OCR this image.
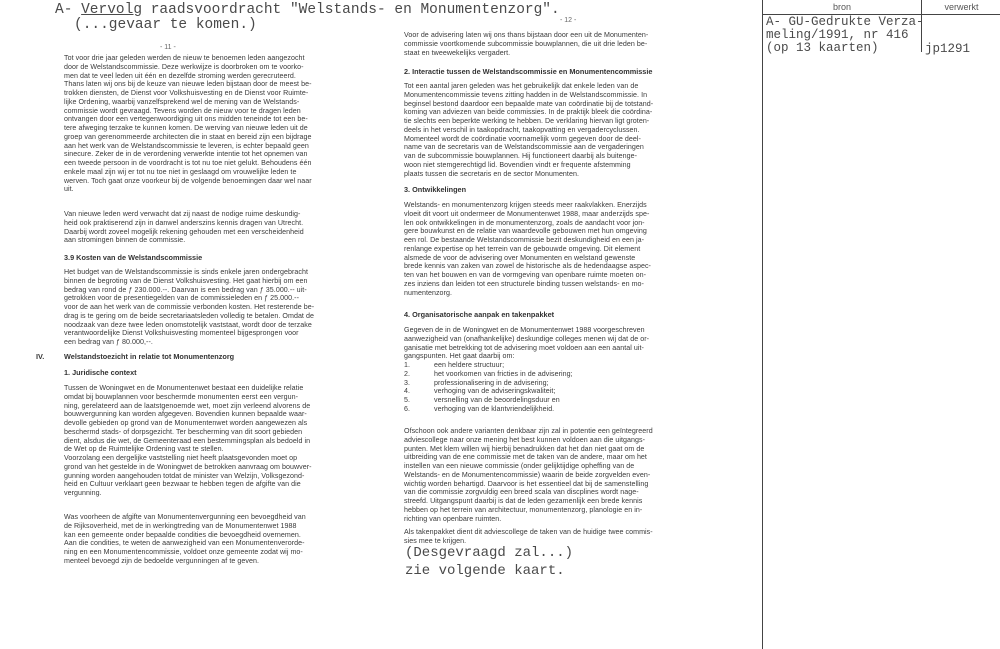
A- Vervolg raadsvoordracht "Welstands- en Monumentenzorg".
(...gevaar te komen.)
bron	verwerkt
A- GU-Gedrukte Verza-
meling/1991, nr 416
(op 13 kaarten)	jp1291
- 11 -
Tot voor drie jaar geleden werden de nieuw te benoemen leden aangezocht
door de Welstandscommissie. Deze werkwijze is doorbroken om te voorko-
men dat te veel leden uit één en dezelfde stroming werden gerecruteerd.
Thans laten wij ons bij de keuze van nieuwe leden bijstaan door de meest be-
trokken diensten, de Dienst voor Volkshuisvesting en de Dienst voor Ruimte-
lijke Ordening, waarbij vanzelfsprekend wel de mening van de Welstands-
commissie wordt gevraagd. Tevens worden de nieuw voor te dragen leden
ontvangen door een vertegenwoordiging uit ons midden teneinde tot een be-
tere afweging terzake te kunnen komen. De werving van nieuwe leden uit de
groep van gerenommeerde architecten die in staat en bereid zijn een bijdrage
aan het werk van de Welstandscommissie te leveren, is echter bepaald geen
sinecure. Zeker de in de verordening verwerkte intentie tot het opnemen van
een tweede persoon in de voordracht is tot nu toe niet gelukt. Behoudens één
enkele maal zijn wij er tot nu toe niet in geslaagd om vrouwelijke leden te
werven. Toch gaat onze voorkeur bij de volgende benoemingen daar wel naar
uit.
Van nieuwe leden werd verwacht dat zij naast de nodige ruime deskundig-
heid ook praktiserend zijn in danwel anderszins kennis dragen van Utrecht.
Daarbij wordt zoveel mogelijk rekening gehouden met een verscheidenheid
aan stromingen binnen de commissie.
3.9 Kosten van de Welstandscommissie
Het budget van de Welstandscommissie is sinds enkele jaren ondergebracht
binnen de begroting van de Dienst Volkshuisvesting. Het gaat hierbij om een
bedrag van rond de ƒ 230.000.--. Daarvan is een bedrag van ƒ 35.000.-- uit-
getrokken voor de presentiegelden van de commissieleden en ƒ 25.000.--
voor de aan het werk van de commissie verbonden kosten. Het resterende be-
drag is te gering om de beide secretariaatsleden volledig te betalen. Omdat de
noodzaak van deze twee leden onomstotelijk vaststaat, wordt door de terzake
verantwoordelijke Dienst Volkshuisvesting momenteel bijgesprongen voor
een bedrag van ƒ 80.000,--.
IV.	Welstandstoezicht in relatie tot Monumentenzorg
1. Juridische context
Tussen de Woningwet en de Monumentenwet bestaat een duidelijke relatie
omdat bij bouwplannen voor beschermde monumenten eerst een vergun-
ning, gerelateerd aan de laatstgenoemde wet, moet zijn verleend alvorens de
bouwvergunning kan worden afgegeven. Bovendien kunnen bepaalde waar-
devolle gebieden op grond van de Monumentenwet worden aangewezen als
beschermd stads- of dorpsgezicht. Ter bescherming van dit soort gebieden
dient, alsdus die wet, de Gemeenteraad een bestemmingsplan als bedoeld in
de Wet op de Ruimtelijke Ordening vast te stellen.
Voorzolang een dergelijke vaststelling niet heeft plaatsgevonden moet op
grond van het gestelde in de Woningwet de betrokken aanvraag om bouwver-
gunning worden aangehouden totdat de minister van Welzijn, Volksgezond-
heid en Cultuur verklaart geen bezwaar te hebben tegen de afgifte van die
vergunning.
Was voorheen de afgifte van Monumentenvergunning een bevoegdheid van
de Rijksoverheid, met de in werkingtreding van de Monumentenwet 1988
kan een gemeente onder bepaalde condities die bevoegdheid overnemen.
Aan die condities, te weten de aanwezigheid van een Monumentenverorde-
ning en een Monumentencommissie, voldoet onze gemeente zodat wij mo-
menteel bevoegd zijn de bedoelde vergunningen af te geven.
- 12 -
Voor de advisering laten wij ons thans bijstaan door een uit de Monumenten-
commissie voortkomende subcommissie bouwplannen, die uit drie leden be-
staat en tweewekelijks vergadert.
2. Interactie tussen de Welstandscommissie en Monumentencommissie
Tot een aantal jaren geleden was het gebruikelijk dat enkele leden van de
Monumentencommissie tevens zitting hadden in de Welstandscommissie. In
beginsel bestond daardoor een bepaalde mate van coördinatie bij de totstand-
koming van adviezen van beide commissies. In de praktijk bleek die coördina-
tie slechts een beperkte werking te hebben. De verklaring hiervan ligt groten-
deels in het verschil in taakopdracht, taakopvatting en vergadercyclussen.
Momenteel wordt de coördinatie voornamelijk vorm gegeven door de deel-
name van de secretaris van de Welstandscommissie aan de vergaderingen
van de subcommissie bouwplannen. Hij functioneert daarbij als buitenge-
woon niet stemgerechtigd lid. Bovendien vindt er frequente afstemming
plaats tussen die secretaris en de sector Monumenten.
3. Ontwikkelingen
Welstands- en monumentenzorg krijgen steeds meer raakvlakken. Enerzijds
vloeit dit voort uit ondermeer de Monumentenwet 1988, maar anderzijds spe-
len ook ontwikkelingen in de monumentenzorg, zoals de aandacht voor jon-
gere bouwkunst en de relatie van waardevolle gebouwen met hun omgeving
een rol. De bestaande Welstandscommissie bezit deskundigheid en een ja-
renlange expertise op het terrein van de gebouwde omgeving. Dit element
alsmede de voor de advisering over Monumenten en welstand gewenste
brede kennis van zaken van zowel de historische als de hedendaagse aspec-
ten van het bouwen en van de vormgeving van openbare ruimte moeten on-
zes inziens dan leiden tot een structurele binding tussen welstands- en mo-
numentenzorg.
4. Organisatorische aanpak en takenpakket
Gegeven de in de Woningwet en de Monumentenwet 1988 voorgeschreven
aanwezigheid van (onafhankelijke) deskundige colleges menen wij dat de or-
ganisatie met betrekking tot de advisering moet voldoen aan een aantal uit-
gangspunten. Het gaat daarbij om:
1.	een heldere structuur;
2.	het voorkomen van fricties in de advisering;
3.	professionalisering in de advisering;
4.	verhoging van de adviseringskwaliteit;
5.	versnelling van de beoordelingsduur en
6.	verhoging van de klantvriendelijkheid.
Ofschoon ook andere varianten denkbaar zijn zal in potentie een geïntegreerd
adviescollege naar onze mening het best kunnen voldoen aan die uitgangs-
punten. Met klem willen wij hierbij benadrukken dat het dan niet gaat om de
uitbreiding van de ene commissie met de taken van de andere, maar om het
instellen van een nieuwe commissie (onder gelijktijdige opheffing van de
Welstands- en de Monumentencommissie) waarin de beide zorgvelden even-
wichtig worden behartigd. Daarvoor is het essentieel dat bij de samenstelling
van die commissie zorgvuldig een breed scala van discplines wordt nage-
streefd. Uitgangspunt daarbij is dat de leden gezamenlijk een brede kennis
hebben op het terrein van architectuur, monumentenzorg, planologie en in-
richting van openbare ruimten.
Als takenpakket dient dit adviescollege de taken van de huidige twee commis-
sies mee te krijgen.
(Desgevraagd zal...)
zie volgende kaart.
